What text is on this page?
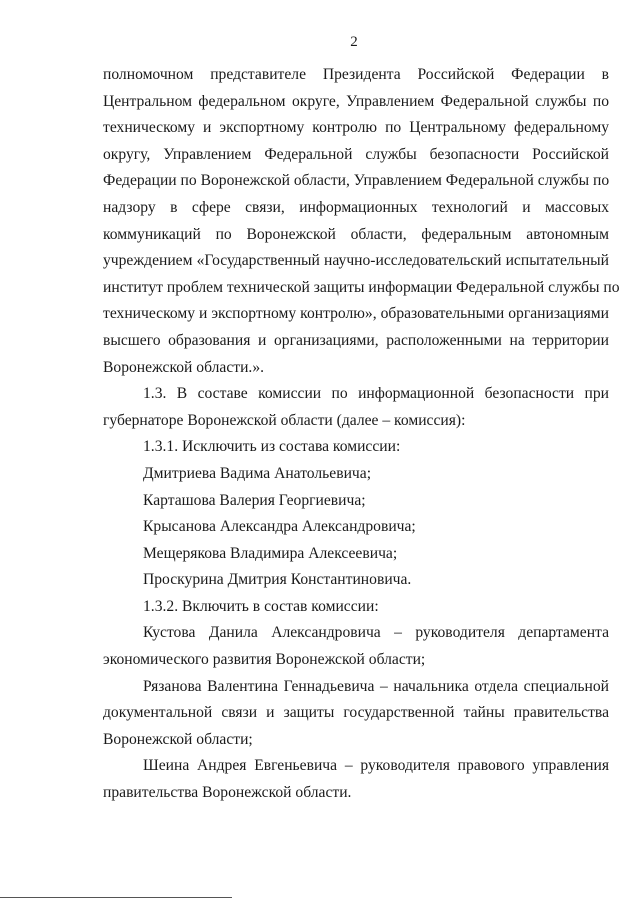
2
полномочном представителе Президента Российской Федерации в
Центральном федеральном округе, Управлением Федеральной службы по
техническому и экспортному контролю по Центральному федеральному
округу, Управлением Федеральной службы безопасности Российской
Федерации по Воронежской области, Управлением Федеральной службы по
надзору в сфере связи, информационных технологий и массовых
коммуникаций по Воронежской области, федеральным автономным
учреждением «Государственный научно-исследовательский испытательный
институт проблем технической защиты информации Федеральной службы по
техническому и экспортному контролю», образовательными организациями
высшего образования и организациями, расположенными на территории
Воронежской области.».
1.3. В составе комиссии по информационной безопасности при
губернаторе Воронежской области (далее – комиссия):
1.3.1. Исключить из состава комиссии:
Дмитриева Вадима Анатольевича;
Карташова Валерия Георгиевича;
Крысанова Александра Александровича;
Мещерякова Владимира Алексеевича;
Проскурина Дмитрия Константиновича.
1.3.2. Включить в состав комиссии:
Кустова Данила Александровича – руководителя департамента
экономического развития Воронежской области;
Рязанова Валентина Геннадьевича – начальника отдела специальной
документальной связи и защиты государственной тайны правительства
Воронежской области;
Шеина Андрея Евгеньевича – руководителя правового управления
правительства Воронежской области.
